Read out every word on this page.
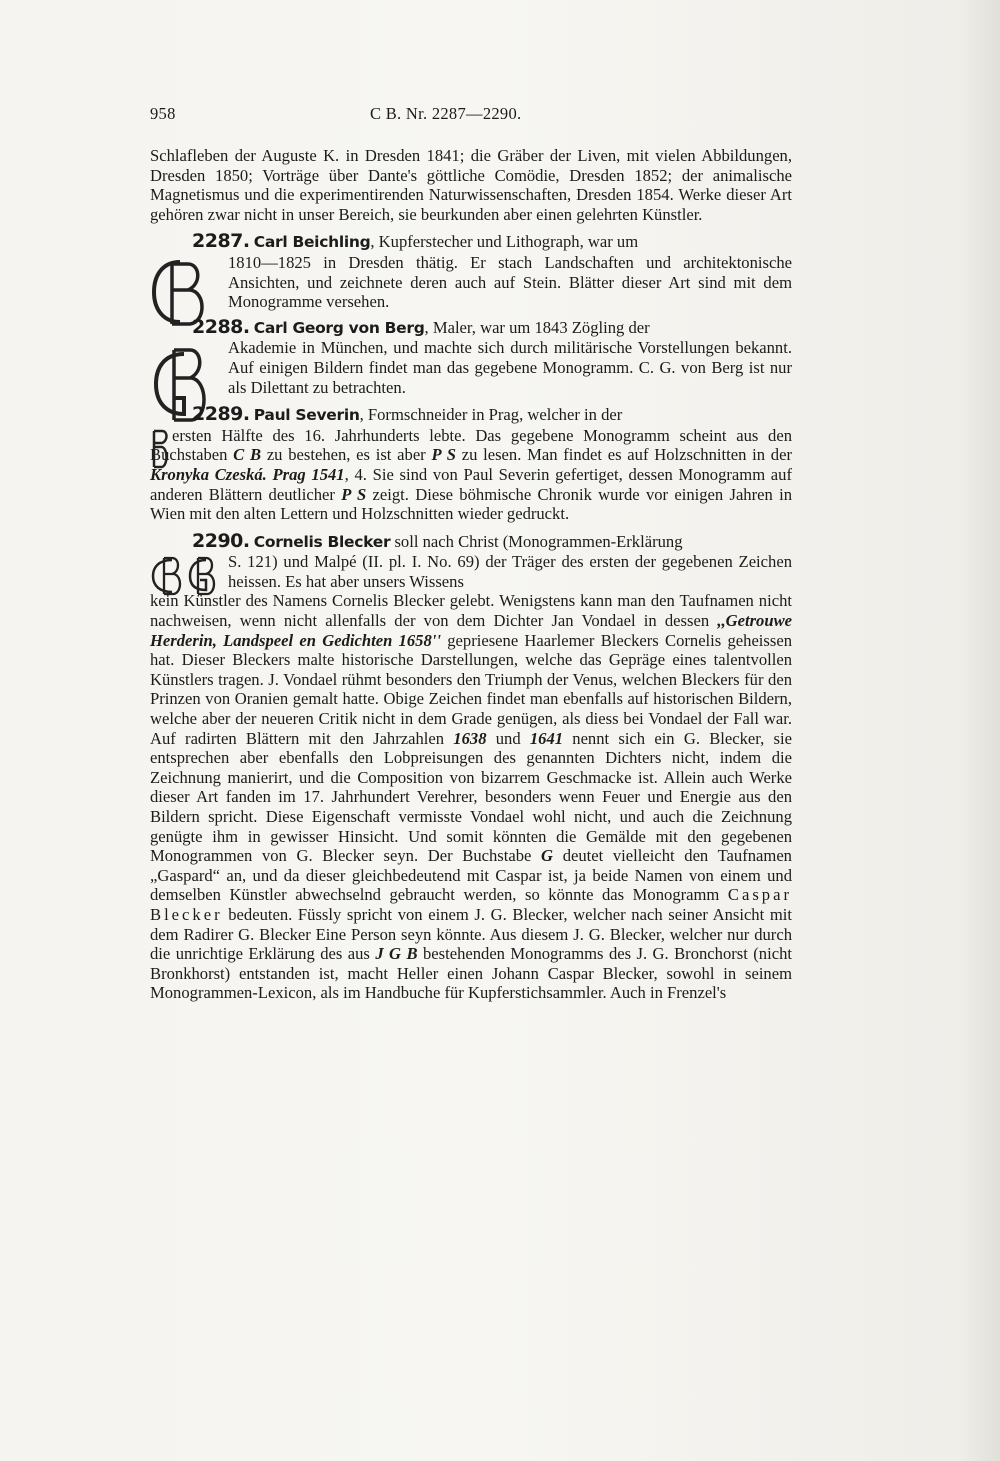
958	C B. Nr. 2287—2290.
Schlafleben der Auguste K. in Dresden 1841; die Gräber der Liven, mit vielen Abbildungen, Dresden 1850; Vorträge über Dante's göttliche Comödie, Dresden 1852; der animalische Magnetismus und die experimentirenden Naturwissenschaften, Dresden 1854. Werke dieser Art gehören zwar nicht in unser Bereich, sie beurkunden aber einen gelehrten Künstler.
2287. Carl Beichling, Kupferstecher und Lithograph, war um
1810—1825 in Dresden thätig. Er stach Landschaften und architektonische Ansichten, und zeichnete deren auch auf Stein. Blätter dieser Art sind mit dem Monogramme versehen.
2288. Carl Georg von Berg, Maler, war um 1843 Zögling der
Akademie in München, und machte sich durch militärische Vorstellungen bekannt. Auf einigen Bildern findet man das gegebene Monogramm. C. G. von Berg ist nur als Dilettant zu betrachten.
2289. Paul Severin, Formschneider in Prag, welcher in der
ersten Hälfte des 16. Jahrhunderts lebte. Das gegebene Monogramm scheint aus den Buchstaben C B zu bestehen, es ist aber P S zu lesen. Man findet es auf Holzschnitten in der Kronyka Czeská. Prag 1541, 4. Sie sind von Paul Severin gefertiget, dessen Monogramm auf anderen Blättern deutlicher P S zeigt. Diese böhmische Chronik wurde vor einigen Jahren in Wien mit den alten Lettern und Holzschnitten wieder gedruckt.
2290. Cornelis Blecker soll nach Christ (Monogrammen-Erklärung
S. 121) und Malpé (II. pl. I. No. 69) der Träger des ersten der gegebenen Zeichen heissen. Es hat aber unsers Wissens
kein Künstler des Namens Cornelis Blecker gelebt. Wenigstens kann man den Taufnamen nicht nachweisen, wenn nicht allenfalls der von dem Dichter Jan Vondael in dessen ,,Getrouwe Herderin, Landspeel en Gedichten 1658'' gepriesene Haarlemer Bleckers Cornelis geheissen hat. Dieser Bleckers malte historische Darstellungen, welche das Gepräge eines talentvollen Künstlers tragen. J. Vondael rühmt besonders den Triumph der Venus, welchen Bleckers für den Prinzen von Oranien gemalt hatte. Obige Zeichen findet man ebenfalls auf historischen Bildern, welche aber der neueren Critik nicht in dem Grade genügen, als diess bei Vondael der Fall war. Auf radirten Blättern mit den Jahrzahlen 1638 und 1641 nennt sich ein G. Blecker, sie entsprechen aber ebenfalls den Lobpreisungen des genannten Dichters nicht, indem die Zeichnung manierirt, und die Composition von bizarrem Geschmacke ist. Allein auch Werke dieser Art fanden im 17. Jahrhundert Verehrer, besonders wenn Feuer und Energie aus den Bildern spricht. Diese Eigenschaft vermisste Vondael wohl nicht, und auch die Zeichnung genügte ihm in gewisser Hinsicht. Und somit könnten die Gemälde mit den gegebenen Monogrammen von G. Blecker seyn. Der Buchstabe G deutet vielleicht den Taufnamen „Gaspard“ an, und da dieser gleichbedeutend mit Caspar ist, ja beide Namen von einem und demselben Künstler abwechselnd gebraucht werden, so könnte das Monogramm Caspar Blecker bedeuten. Füssly spricht von einem J. G. Blecker, welcher nach seiner Ansicht mit dem Radirer G. Blecker Eine Person seyn könnte. Aus diesem J. G. Blecker, welcher nur durch die unrichtige Erklärung des aus J G B bestehenden Monogramms des J. G. Bronchorst (nicht Bronkhorst) entstanden ist, macht Heller einen Johann Caspar Blecker, sowohl in seinem Monogrammen-Lexicon, als im Handbuche für Kupferstichsammler. Auch in Frenzel's
